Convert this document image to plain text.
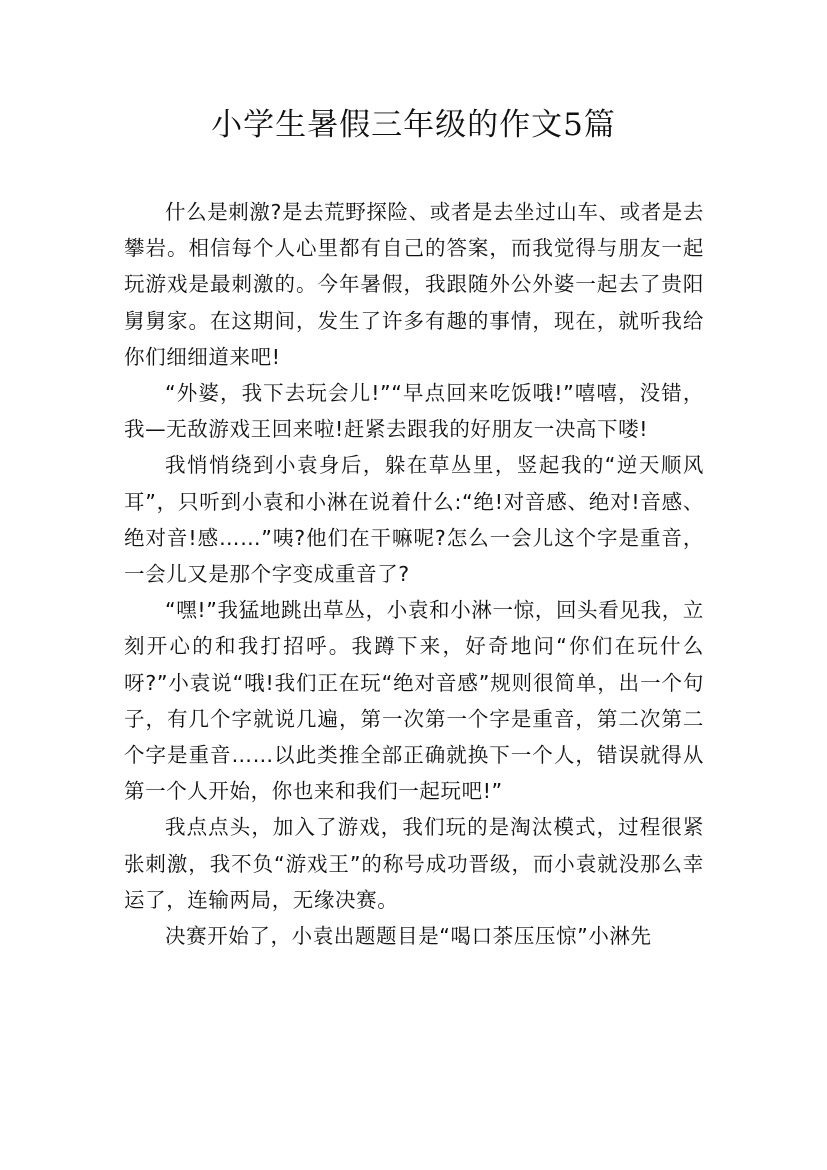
小学生暑假三年级的作文5篇

什么是刺激?是去荒野探险、或者是去坐过山车、或者是去攀岩。相信每个人心里都有自己的答案，而我觉得与朋友一起玩游戏是最刺激的。今年暑假，我跟随外公外婆一起去了贵阳舅舅家。在这期间，发生了许多有趣的事情，现在，就听我给你们细细道来吧!

“外婆，我下去玩会儿!”“早点回来吃饭哦!”嘻嘻，没错，我—无敌游戏王回来啦!赶紧去跟我的好朋友一决高下喽!

我悄悄绕到小袁身后，躲在草丛里，竖起我的“逆天顺风耳”，只听到小袁和小淋在说着什么:“绝!对音感、绝对!音感、绝对音!感……”咦?他们在干嘛呢?怎么一会儿这个字是重音，一会儿又是那个字变成重音了?

“嘿!”我猛地跳出草丛，小袁和小淋一惊，回头看见我，立刻开心的和我打招呼。我蹲下来，好奇地问“你们在玩什么呀?”小袁说“哦!我们正在玩“绝对音感”规则很简单，出一个句子，有几个字就说几遍，第一次第一个字是重音，第二次第二个字是重音……以此类推全部正确就换下一个人，错误就得从第一个人开始，你也来和我们一起玩吧!”

我点点头，加入了游戏，我们玩的是淘汰模式，过程很紧张刺激，我不负“游戏王”的称号成功晋级，而小袁就没那么幸运了，连输两局，无缘决赛。

决赛开始了，小袁出题题目是“喝口茶压压惊”小淋先
